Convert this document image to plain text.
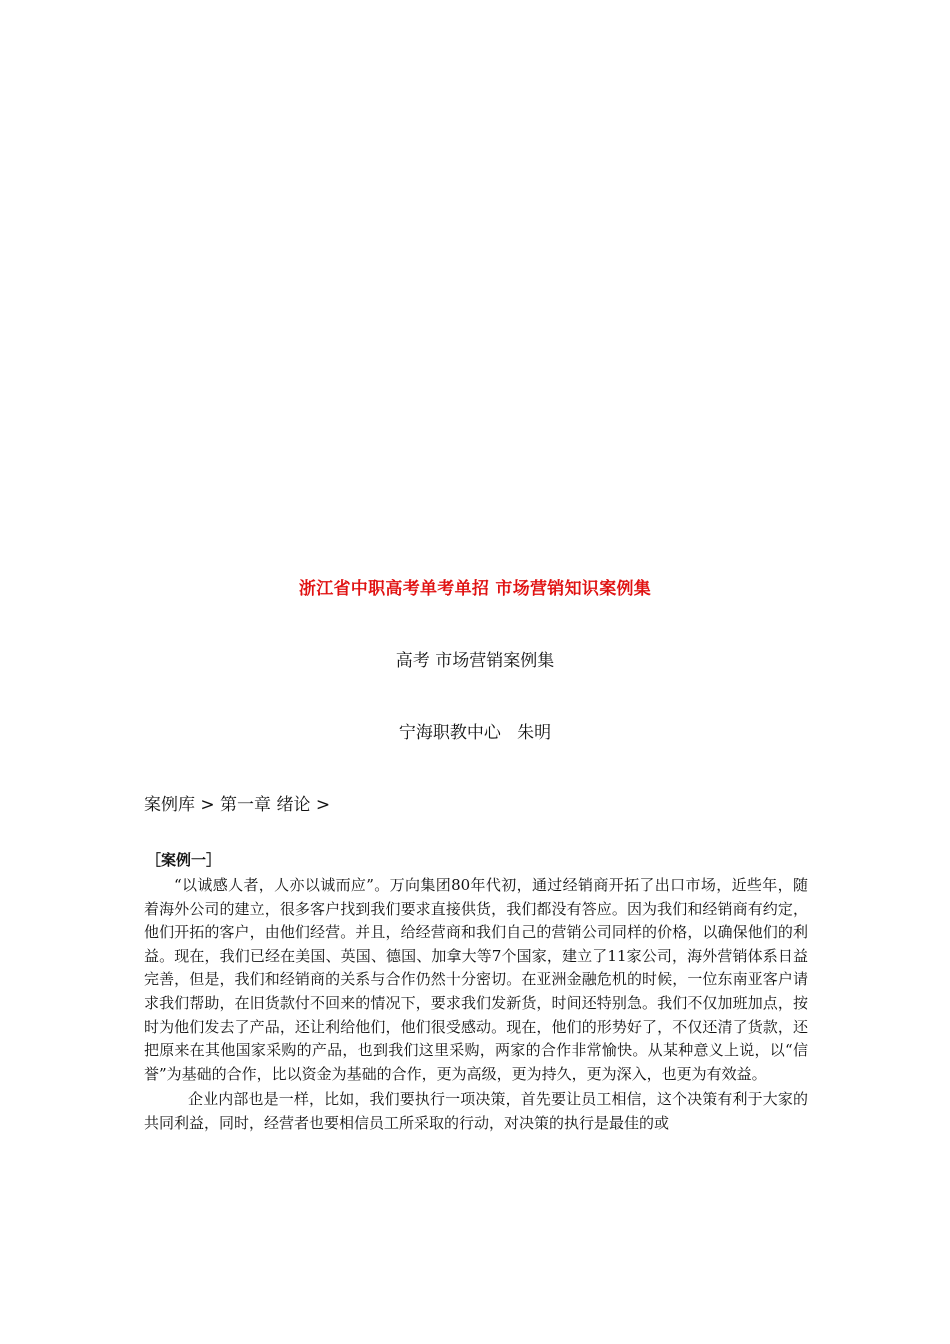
浙江省中职高考单考单招 市场营销知识案例集
高考 市场营销案例集
宁海职教中心   朱明
案例库 > 第一章 绪论 >
［案例一］

“以诚感人者，人亦以诚而应”。万向集团80年代初，通过经销商开拓了出口市场，近些年，随着海外公司的建立，很多客户找到我们要求直接供货，我们都没有答应。因为我们和经销商有约定，他们开拓的客户，由他们经营。并且，给经营商和我们自己的营销公司同样的价格，以确保他们的利益。现在，我们已经在美国、英国、德国、加拿大等7个国家，建立了11家公司，海外营销体系日益完善，但是，我们和经销商的关系与合作仍然十分密切。在亚洲金融危机的时候，一位东南亚客户请求我们帮助，在旧货款付不回来的情况下，要求我们发新货，时间还特别急。我们不仅加班加点，按时为他们发去了产品，还让利给他们，他们很受感动。现在，他们的形势好了，不仅还清了货款，还把原来在其他国家采购的产品，也到我们这里采购，两家的合作非常愉快。从某种意义上说，以“信誉”为基础的合作，比以资金为基础的合作，更为高级，更为持久，更为深入，也更为有效益。

企业内部也是一样，比如，我们要执行一项决策，首先要让员工相信，这个决策有利于大家的共同利益，同时，经营者也要相信员工所采取的行动，对决策的执行是最佳的或
